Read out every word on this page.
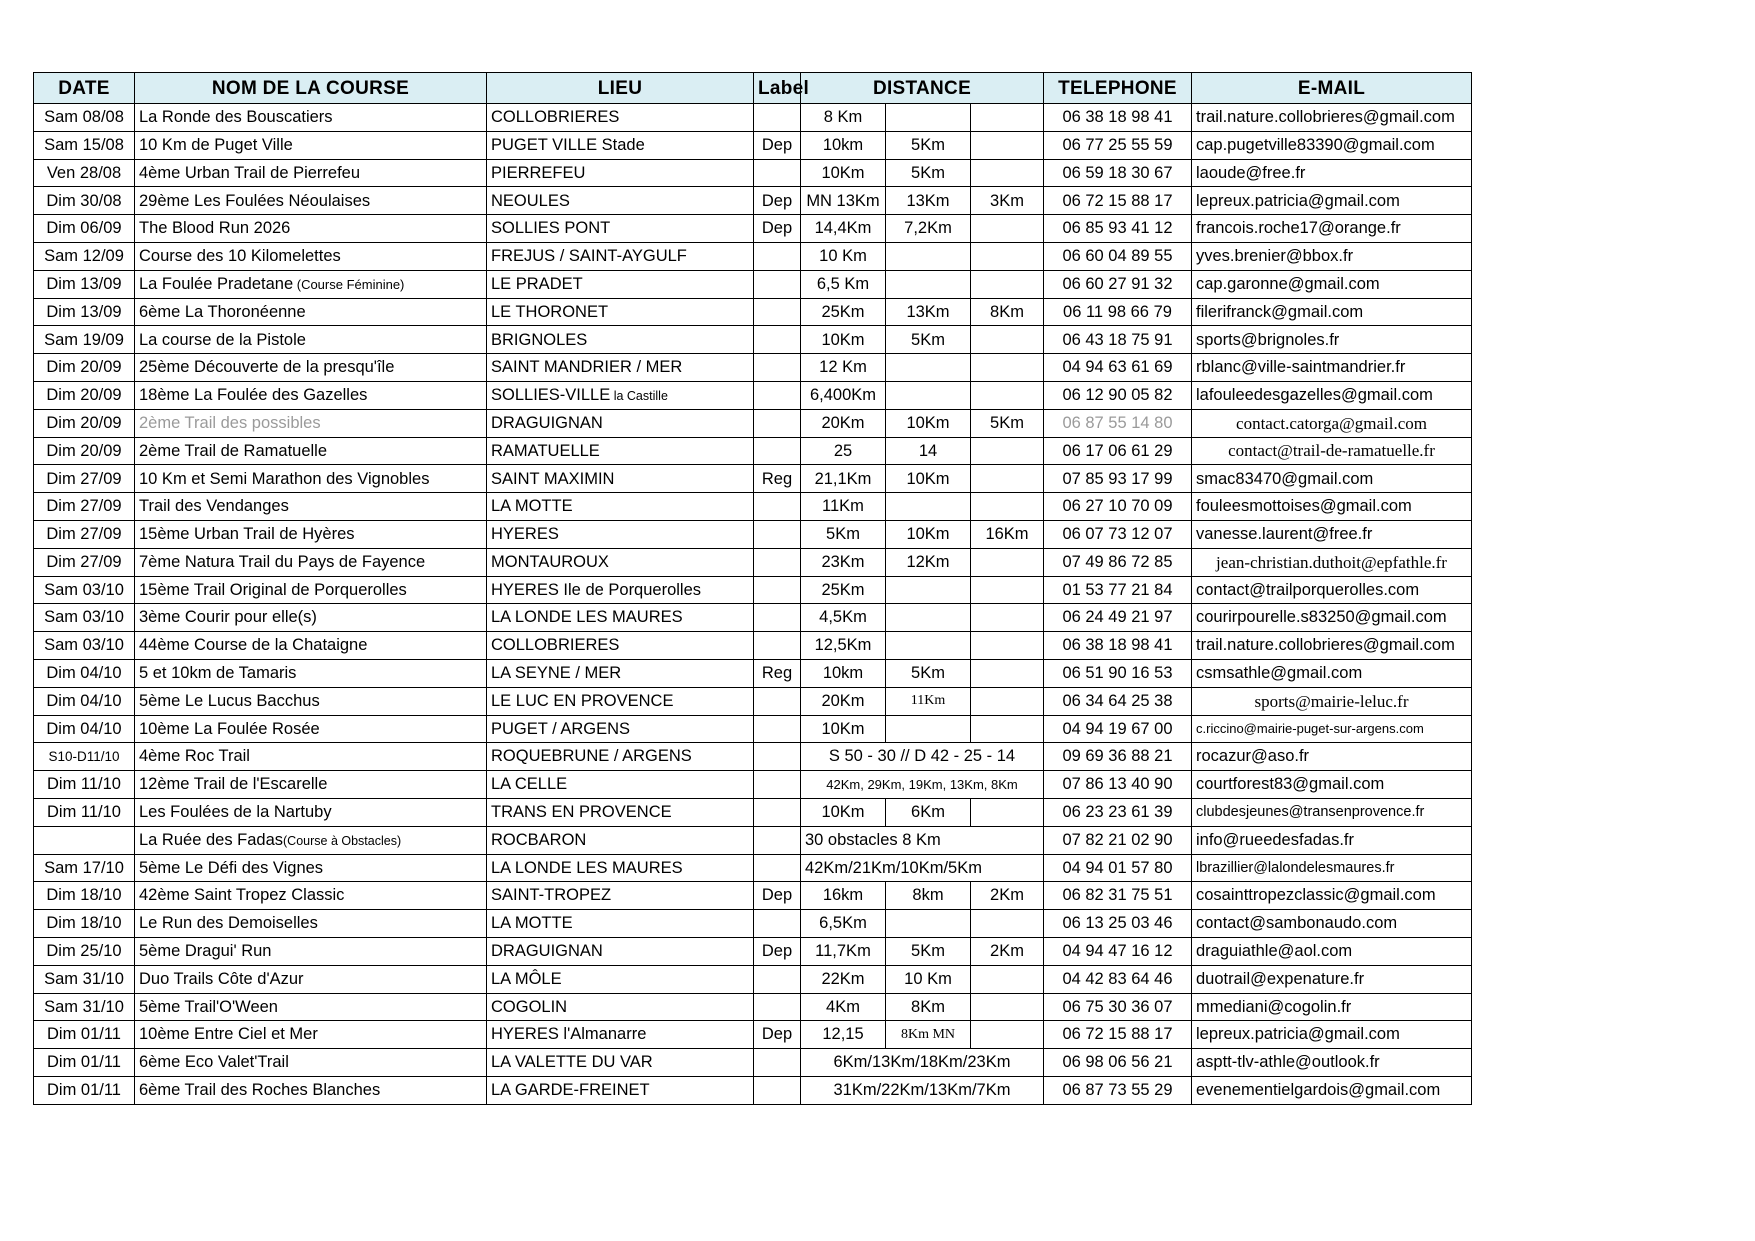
DATE	NOM DE LA COURSE	LIEU	Label	DISTANCE			TELEPHONE	E-MAIL
Sam 08/08	La Ronde des Bouscatiers	COLLOBRIERES		8 Km			06 38 18 98 41	trail.nature.collobrieres@gmail.com
Sam 15/08	10 Km de Puget Ville	PUGET VILLE Stade	Dep	10km	5Km		06 77 25 55 59	cap.pugetville83390@gmail.com
Ven 28/08	4ème Urban Trail de Pierrefeu	PIERREFEU		10Km	5Km		06 59 18 30 67	laoude@free.fr
Dim 30/08	29ème Les Foulées Néoulaises	NEOULES	Dep	MN 13Km	13Km	3Km	06 72 15 88 17	lepreux.patricia@gmail.com
Dim 06/09	The Blood Run 2026	SOLLIES PONT	Dep	14,4Km	7,2Km		06 85 93 41 12	francois.roche17@orange.fr
Sam 12/09	Course des 10 Kilomelettes	FREJUS / SAINT-AYGULF		10 Km			06 60 04 89 55	yves.brenier@bbox.fr
Dim 13/09	La Foulée Pradetane (Course Féminine)	LE PRADET		6,5 Km			06 60 27 91 32	cap.garonne@gmail.com
Dim 13/09	6ème La Thoronéenne	LE THORONET		25Km	13Km	8Km	06 11 98 66 79	filerifranck@gmail.com
Sam 19/09	La course de la Pistole	BRIGNOLES		10Km	5Km		06 43 18 75 91	sports@brignoles.fr
Dim 20/09	25ème Découverte de la presqu'île	SAINT MANDRIER / MER		12 Km			04 94 63 61 69	rblanc@ville-saintmandrier.fr
Dim 20/09	18ème La Foulée des Gazelles	SOLLIES-VILLE la Castille		6,400Km			06 12 90 05 82	lafouleedesgazelles@gmail.com
Dim 20/09	2ème Trail des possibles	DRAGUIGNAN		20Km	10Km	5Km	06 87 55 14 80	contact.catorga@gmail.com
Dim 20/09	2ème Trail de Ramatuelle	RAMATUELLE		25	14		06 17 06 61 29	contact@trail-de-ramatuelle.fr
Dim 27/09	10 Km et Semi Marathon des Vignobles	SAINT MAXIMIN	Reg	21,1Km	10Km		07 85 93 17 99	smac83470@gmail.com
Dim 27/09	Trail des Vendanges	LA MOTTE		11Km			06 27 10 70 09	fouleesmottoises@gmail.com
Dim 27/09	15ème Urban Trail de Hyères	HYERES		5Km	10Km	16Km	06 07 73 12 07	vanesse.laurent@free.fr
Dim 27/09	7ème Natura Trail du Pays de Fayence	MONTAUROUX		23Km	12Km		07 49 86 72 85	jean-christian.duthoit@epfathle.fr
Sam 03/10	15ème Trail Original de Porquerolles	HYERES Ile de Porquerolles		25Km			01 53 77 21 84	contact@trailporquerolles.com
Sam 03/10	3ème Courir pour elle(s)	LA LONDE LES MAURES		4,5Km			06 24 49 21 97	courirpourelle.s83250@gmail.com
Sam 03/10	44ème Course de la Chataigne	COLLOBRIERES		12,5Km			06 38 18 98 41	trail.nature.collobrieres@gmail.com
Dim 04/10	5 et 10km de Tamaris	LA SEYNE / MER	Reg	10km	5Km		06 51 90 16 53	csmsathle@gmail.com
Dim 04/10	5ème Le Lucus Bacchus	LE LUC EN PROVENCE		20Km	11Km		06 34 64 25 38	sports@mairie-leluc.fr
Dim 04/10	10ème La Foulée Rosée	PUGET / ARGENS		10Km			04 94 19 67 00	c.riccino@mairie-puget-sur-argens.com
S10-D11/10	4ème Roc Trail	ROQUEBRUNE / ARGENS		S 50 - 30 // D 42 - 25 - 14			09 69 36 88 21	rocazur@aso.fr
Dim 11/10	12ème Trail de l'Escarelle	LA CELLE		42Km, 29Km, 19Km, 13Km, 8Km			07 86 13 40 90	courtforest83@gmail.com
Dim 11/10	Les Foulées de la Nartuby	TRANS EN PROVENCE		10Km	6Km		06 23 23 61 39	clubdesjeunes@transenprovence.fr
	La Ruée des Fadas(Course à Obstacles)	ROCBARON		30 obstacles 8 Km			07 82 21 02 90	info@rueedesfadas.fr
Sam 17/10	5ème Le Défi des Vignes	LA LONDE LES MAURES		42Km/21Km/10Km/5Km			04 94 01 57 80	lbrazillier@lalondelesmaures.fr
Dim 18/10	42ème Saint Tropez Classic	SAINT-TROPEZ	Dep	16km	8km	2Km	06 82 31 75 51	cosainttropezclassic@gmail.com
Dim 18/10	Le Run des Demoiselles	LA MOTTE		6,5Km			06 13 25 03 46	contact@sambonaudo.com
Dim 25/10	5ème Dragui' Run	DRAGUIGNAN	Dep	11,7Km	5Km	2Km	04 94 47 16 12	draguiathle@aol.com
Sam 31/10	Duo Trails Côte d'Azur	LA MÔLE		22Km	10 Km		04 42 83 64 46	duotrail@expenature.fr
Sam 31/10	5ème Trail'O'Ween	COGOLIN		4Km	8Km		06 75 30 36 07	mmediani@cogolin.fr
Dim 01/11	10ème Entre Ciel et Mer	HYERES l'Almanarre	Dep	12,15	8Km MN		06 72 15 88 17	lepreux.patricia@gmail.com
Dim 01/11	6ème Eco Valet'Trail	LA VALETTE DU VAR		6Km/13Km/18Km/23Km			06 98 06 56 21	asptt-tlv-athle@outlook.fr
Dim 01/11	6ème Trail des Roches Blanches	LA GARDE-FREINET		31Km/22Km/13Km/7Km			06 87 73 55 29	evenementielgardois@gmail.com
